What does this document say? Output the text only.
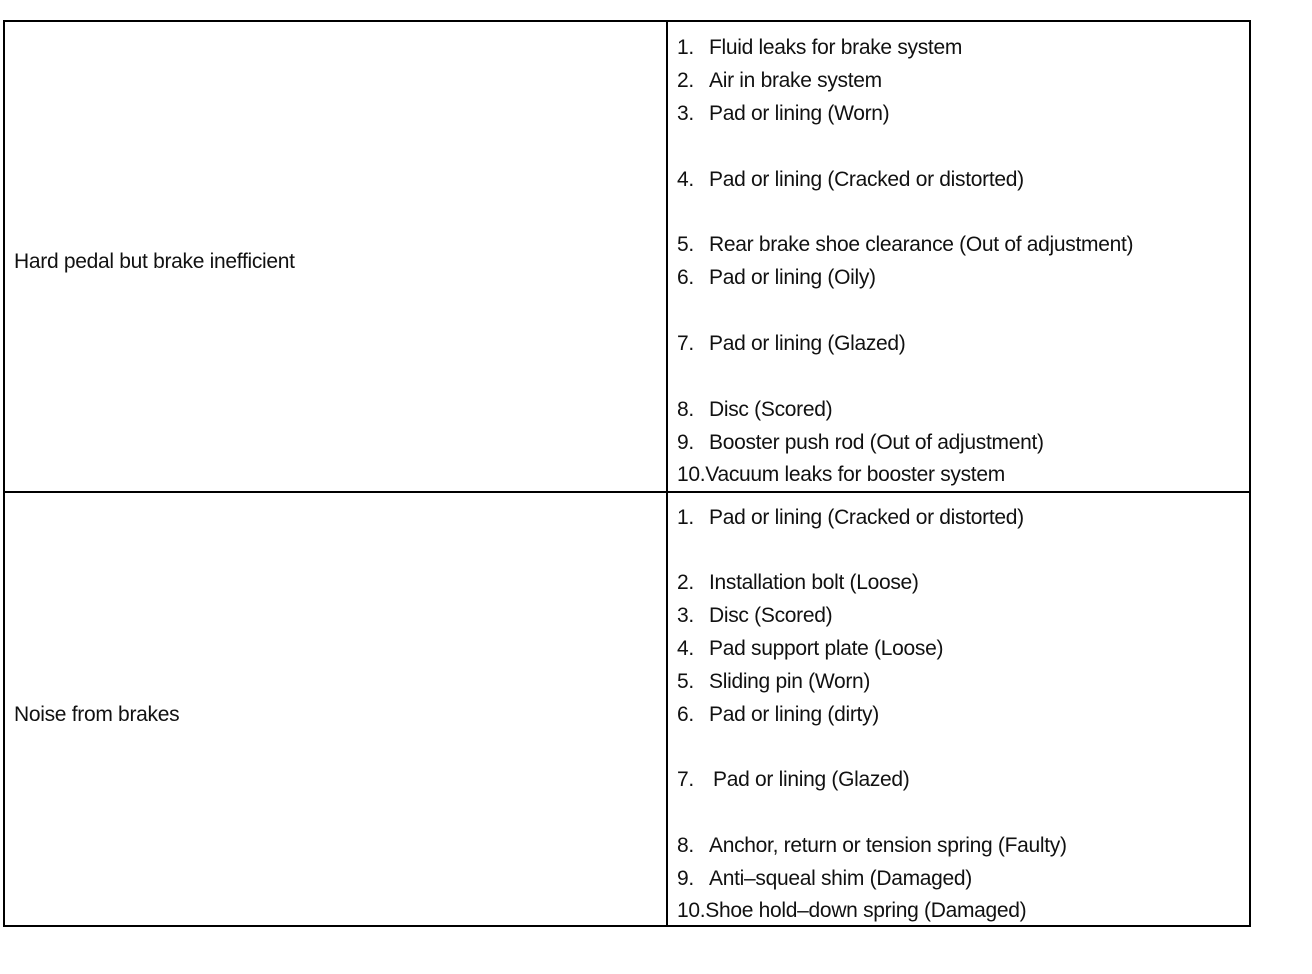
Hard pedal but brake inefficient
1. Fluid leaks for brake system
2. Air in brake system
3. Pad or lining (Worn)
4. Pad or lining (Cracked or distorted)
5. Rear brake shoe clearance (Out of adjustment)
6. Pad or lining (Oily)
7. Pad or lining (Glazed)
8. Disc (Scored)
9. Booster push rod (Out of adjustment)
10.Vacuum leaks for booster system
Noise from brakes
1. Pad or lining (Cracked or distorted)
2. Installation bolt (Loose)
3. Disc (Scored)
4. Pad support plate (Loose)
5. Sliding pin (Worn)
6. Pad or lining (dirty)
7. Pad or lining (Glazed)
8. Anchor, return or tension spring (Faulty)
9. Anti–squeal shim (Damaged)
10.Shoe hold–down spring (Damaged)
